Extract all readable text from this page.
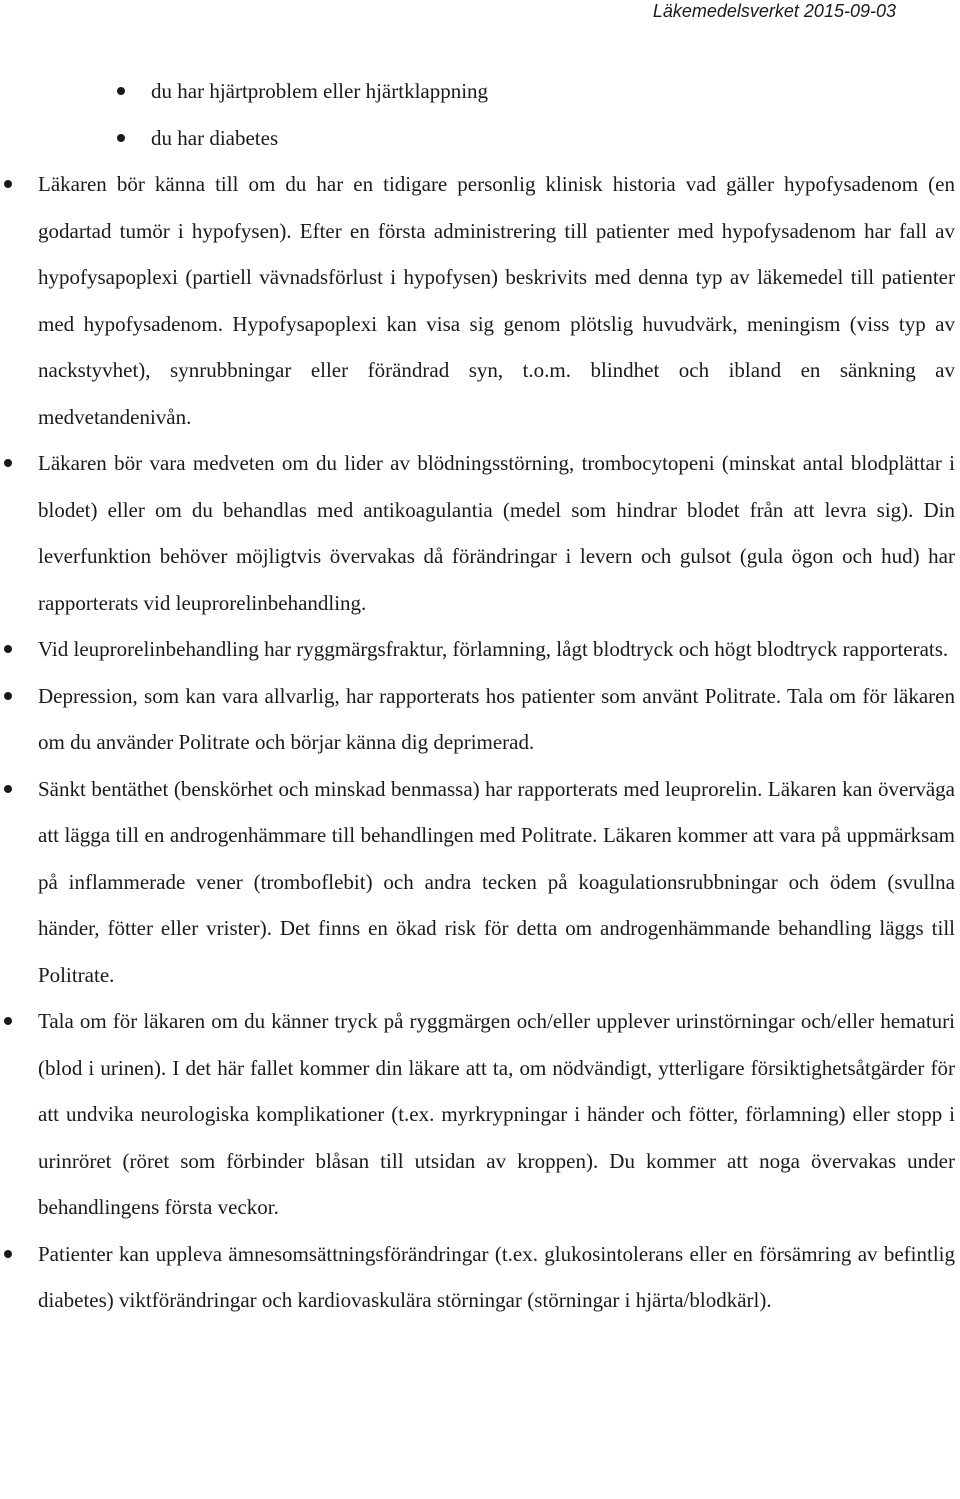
Läkemedelsverket 2015-09-03
du har hjärtproblem eller hjärtklappning
du har diabetes
Läkaren bör känna till om du har en tidigare personlig klinisk historia vad gäller hypofysadenom (en godartad tumör i hypofysen). Efter en första administrering till patienter med hypofysadenom har fall av hypofysapoplexi (partiell vävnadsförlust i hypofysen) beskrivits med denna typ av läkemedel till patienter med hypofysadenom. Hypofysapoplexi kan visa sig genom plötslig huvudvärk, meningism (viss typ av nackstyvhet), synrubbningar eller förändrad syn, t.o.m. blindhet och ibland en sänkning av medvetandenivån.
Läkaren bör vara medveten om du lider av blödningsstörning, trombocytopeni (minskat antal blodplättar i blodet) eller om du behandlas med antikoagulantia (medel som hindrar blodet från att levra sig). Din leverfunktion behöver möjligtvis övervakas då förändringar i levern och gulsot (gula ögon och hud) har rapporterats vid leuprorelinbehandling.
Vid leuprorelinbehandling har ryggmärgsfraktur, förlamning, lågt blodtryck och högt blodtryck rapporterats.
Depression, som kan vara allvarlig, har rapporterats hos patienter som använt Politrate. Tala om för läkaren om du använder Politrate och börjar känna dig deprimerad.
Sänkt bentäthet (benskörhet och minskad benmassa) har rapporterats med leuprorelin. Läkaren kan överväga att lägga till en androgenhämmare till behandlingen med Politrate. Läkaren kommer att vara på uppmärksam på inflammerade vener (tromboflebit) och andra tecken på koagulationsrubbningar och ödem (svullna händer, fötter eller vrister). Det finns en ökad risk för detta om androgenhämmande behandling läggs till Politrate.
Tala om för läkaren om du känner tryck på ryggmärgen och/eller upplever urinstörningar och/eller hematuri (blod i urinen). I det här fallet kommer din läkare att ta, om nödvändigt, ytterligare försiktighetsåtgärder för att undvika neurologiska komplikationer (t.ex. myrkrypningar i händer och fötter, förlamning) eller stopp i urinröret (röret som förbinder blåsan till utsidan av kroppen). Du kommer att noga övervakas under behandlingens första veckor.
Patienter kan uppleva ämnesomsättningsförändringar (t.ex. glukosintolerans eller en försämring av befintlig diabetes) viktförändringar och kardiovaskulära störningar (störningar i hjärta/blodkärl).
